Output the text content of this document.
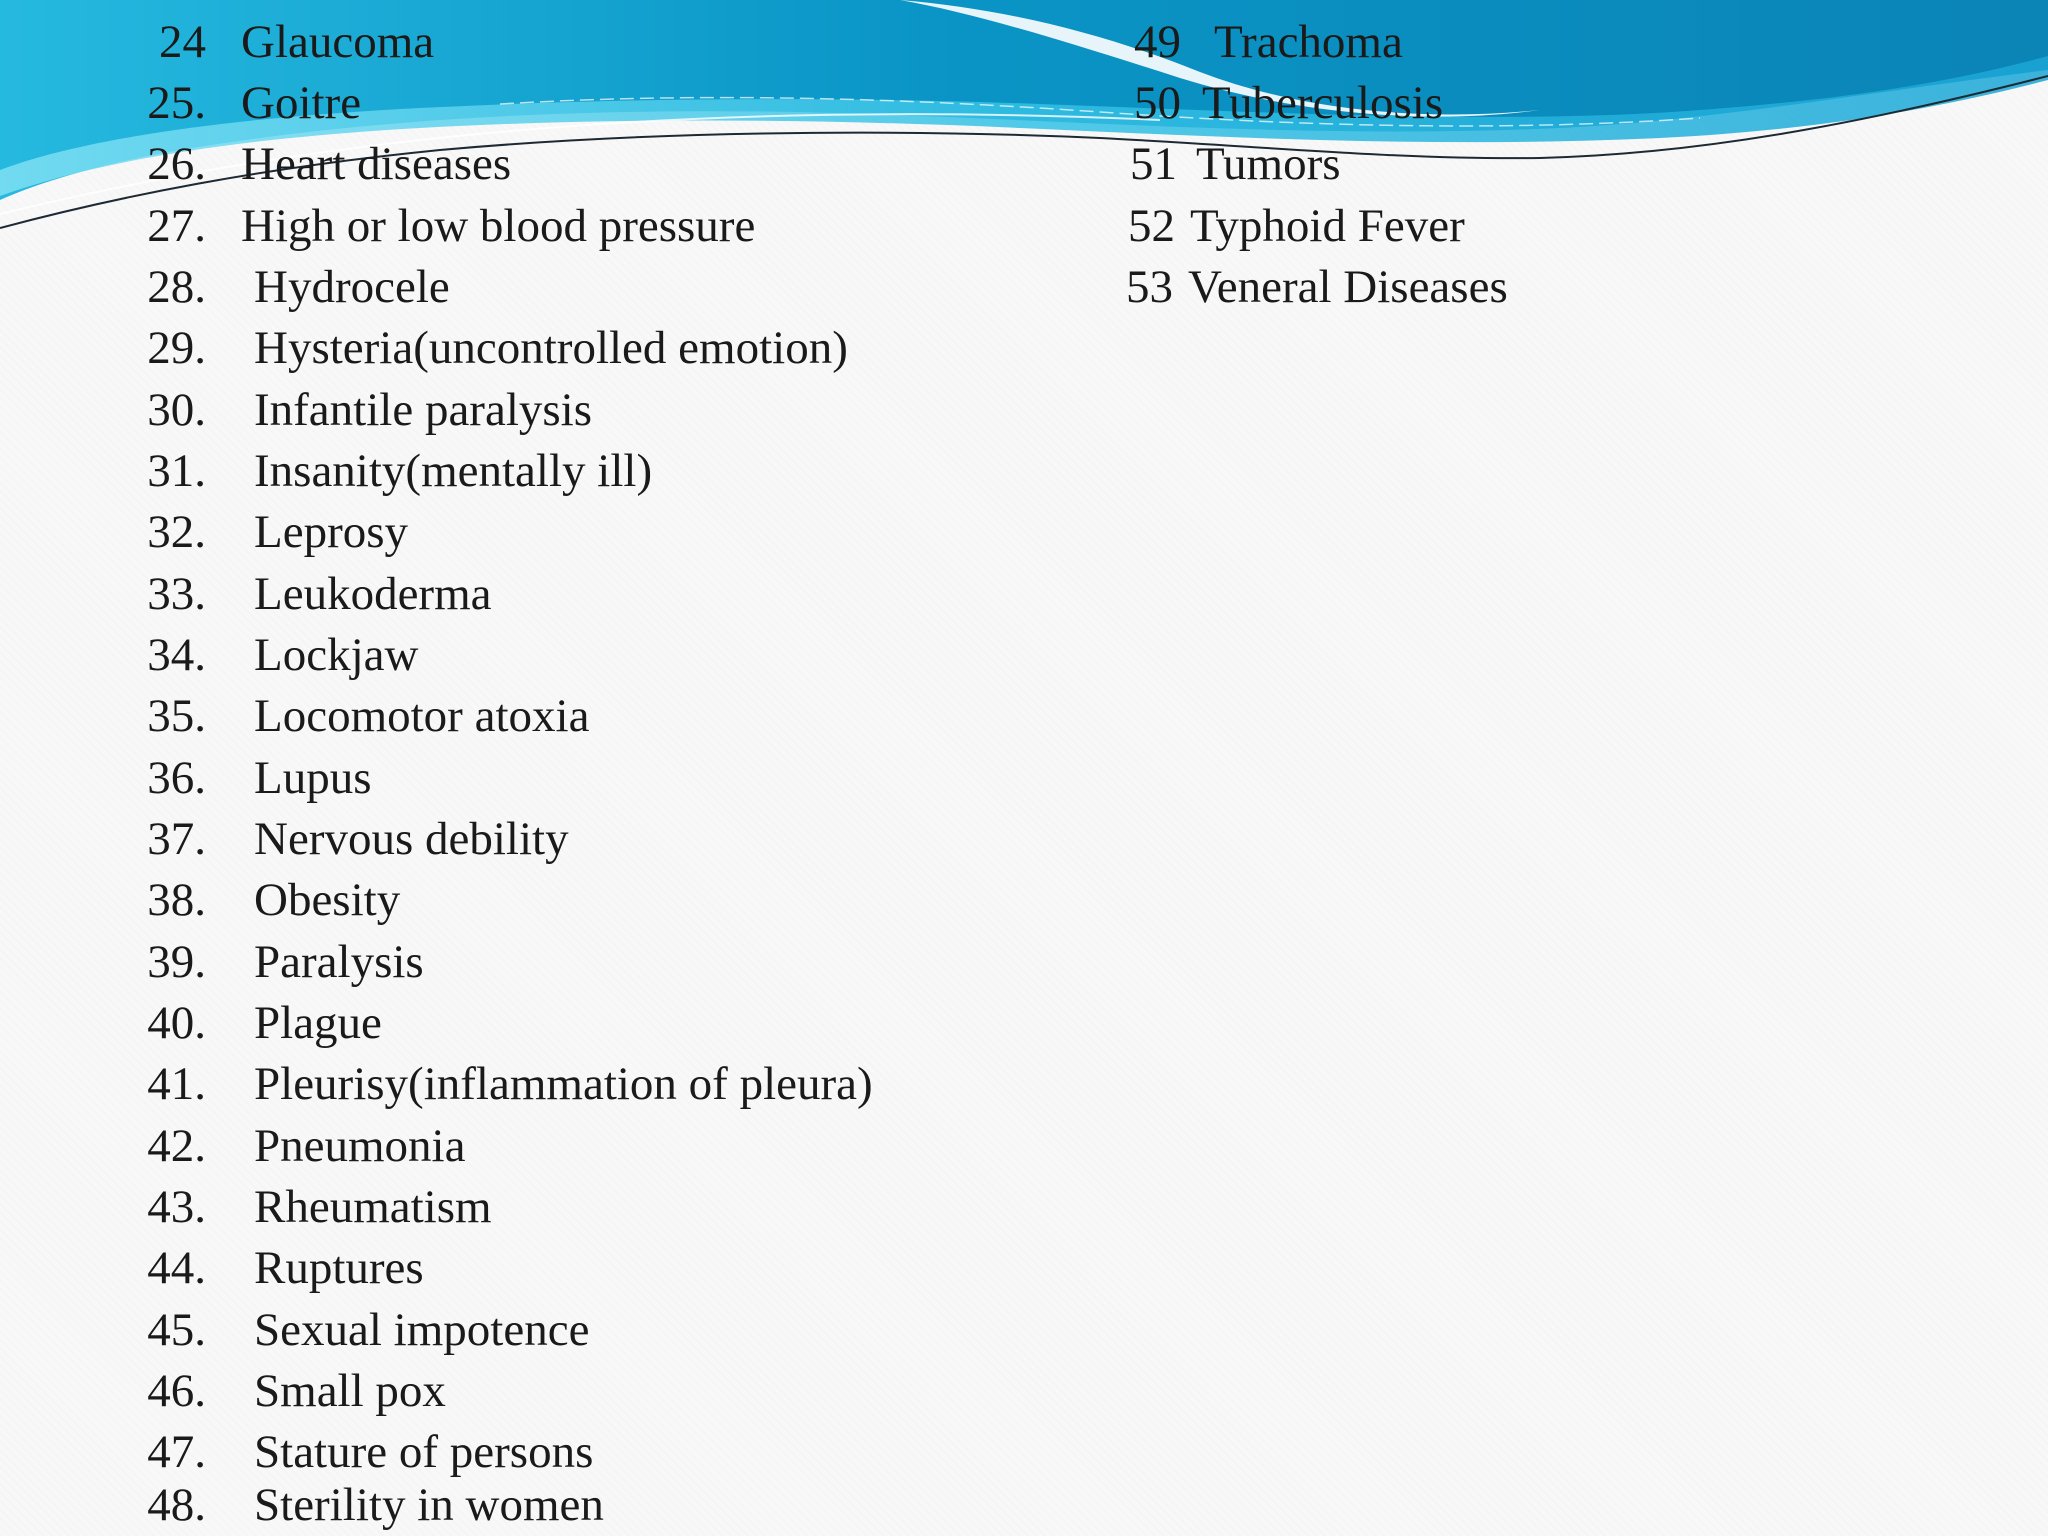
24 Glaucoma
25. Goitre
26. Heart diseases
27. High or low blood pressure
28. Hydrocele
29. Hysteria(uncontrolled emotion)
30. Infantile paralysis
31. Insanity(mentally ill)
32. Leprosy
33. Leukoderma
34. Lockjaw
35. Locomotor atoxia
36. Lupus
37. Nervous debility
38. Obesity
39. Paralysis
40. Plague
41. Pleurisy(inflammation of pleura)
42. Pneumonia
43. Rheumatism
44. Ruptures
45. Sexual impotence
46. Small pox
47. Stature of persons
48. Sterility in women
49 Trachoma
50 Tuberculosis
51 Tumors
52 Typhoid Fever
53 Veneral Diseases
